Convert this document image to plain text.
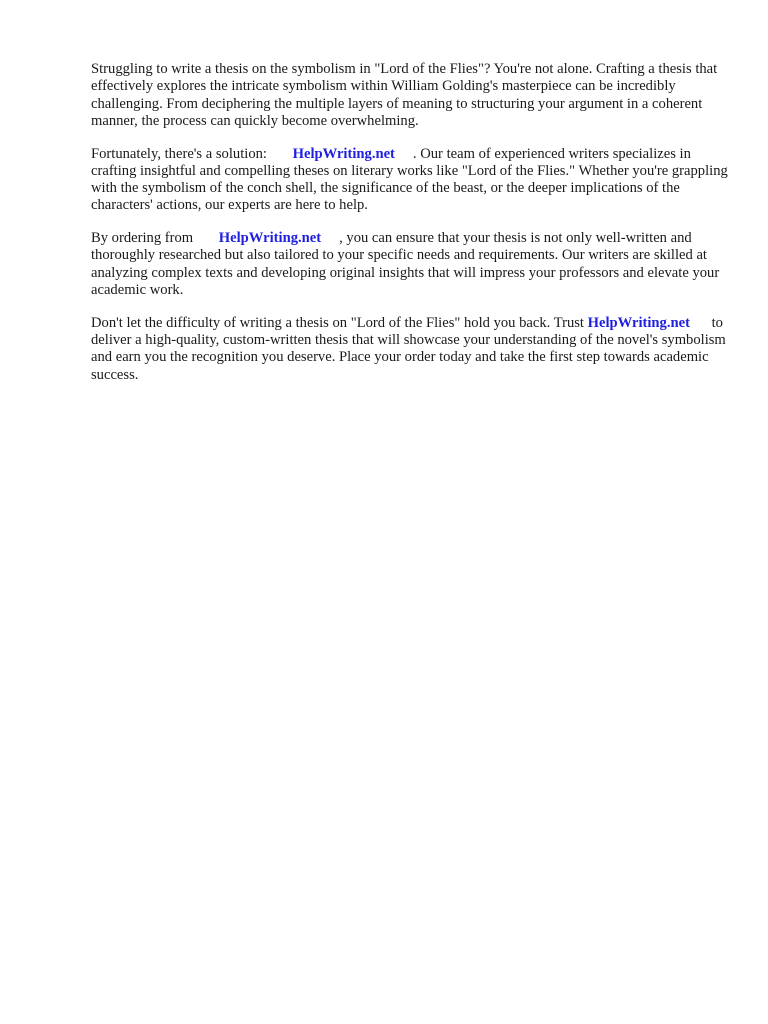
Struggling to write a thesis on the symbolism in "Lord of the Flies"? You're not alone. Crafting a thesis that effectively explores the intricate symbolism within William Golding's masterpiece can be incredibly challenging. From deciphering the multiple layers of meaning to structuring your argument in a coherent manner, the process can quickly become overwhelming.

Fortunately, there's a solution: HelpWriting.net . Our team of experienced writers specializes in crafting insightful and compelling theses on literary works like "Lord of the Flies." Whether you're grappling with the symbolism of the conch shell, the significance of the beast, or the deeper implications of the characters' actions, our experts are here to help.

By ordering from HelpWriting.net , you can ensure that your thesis is not only well-written and thoroughly researched but also tailored to your specific needs and requirements. Our writers are skilled at analyzing complex texts and developing original insights that will impress your professors and elevate your academic work.

Don't let the difficulty of writing a thesis on "Lord of the Flies" hold you back. Trust HelpWriting.net to deliver a high-quality, custom-written thesis that will showcase your understanding of the novel's symbolism and earn you the recognition you deserve. Place your order today and take the first step towards academic success.
